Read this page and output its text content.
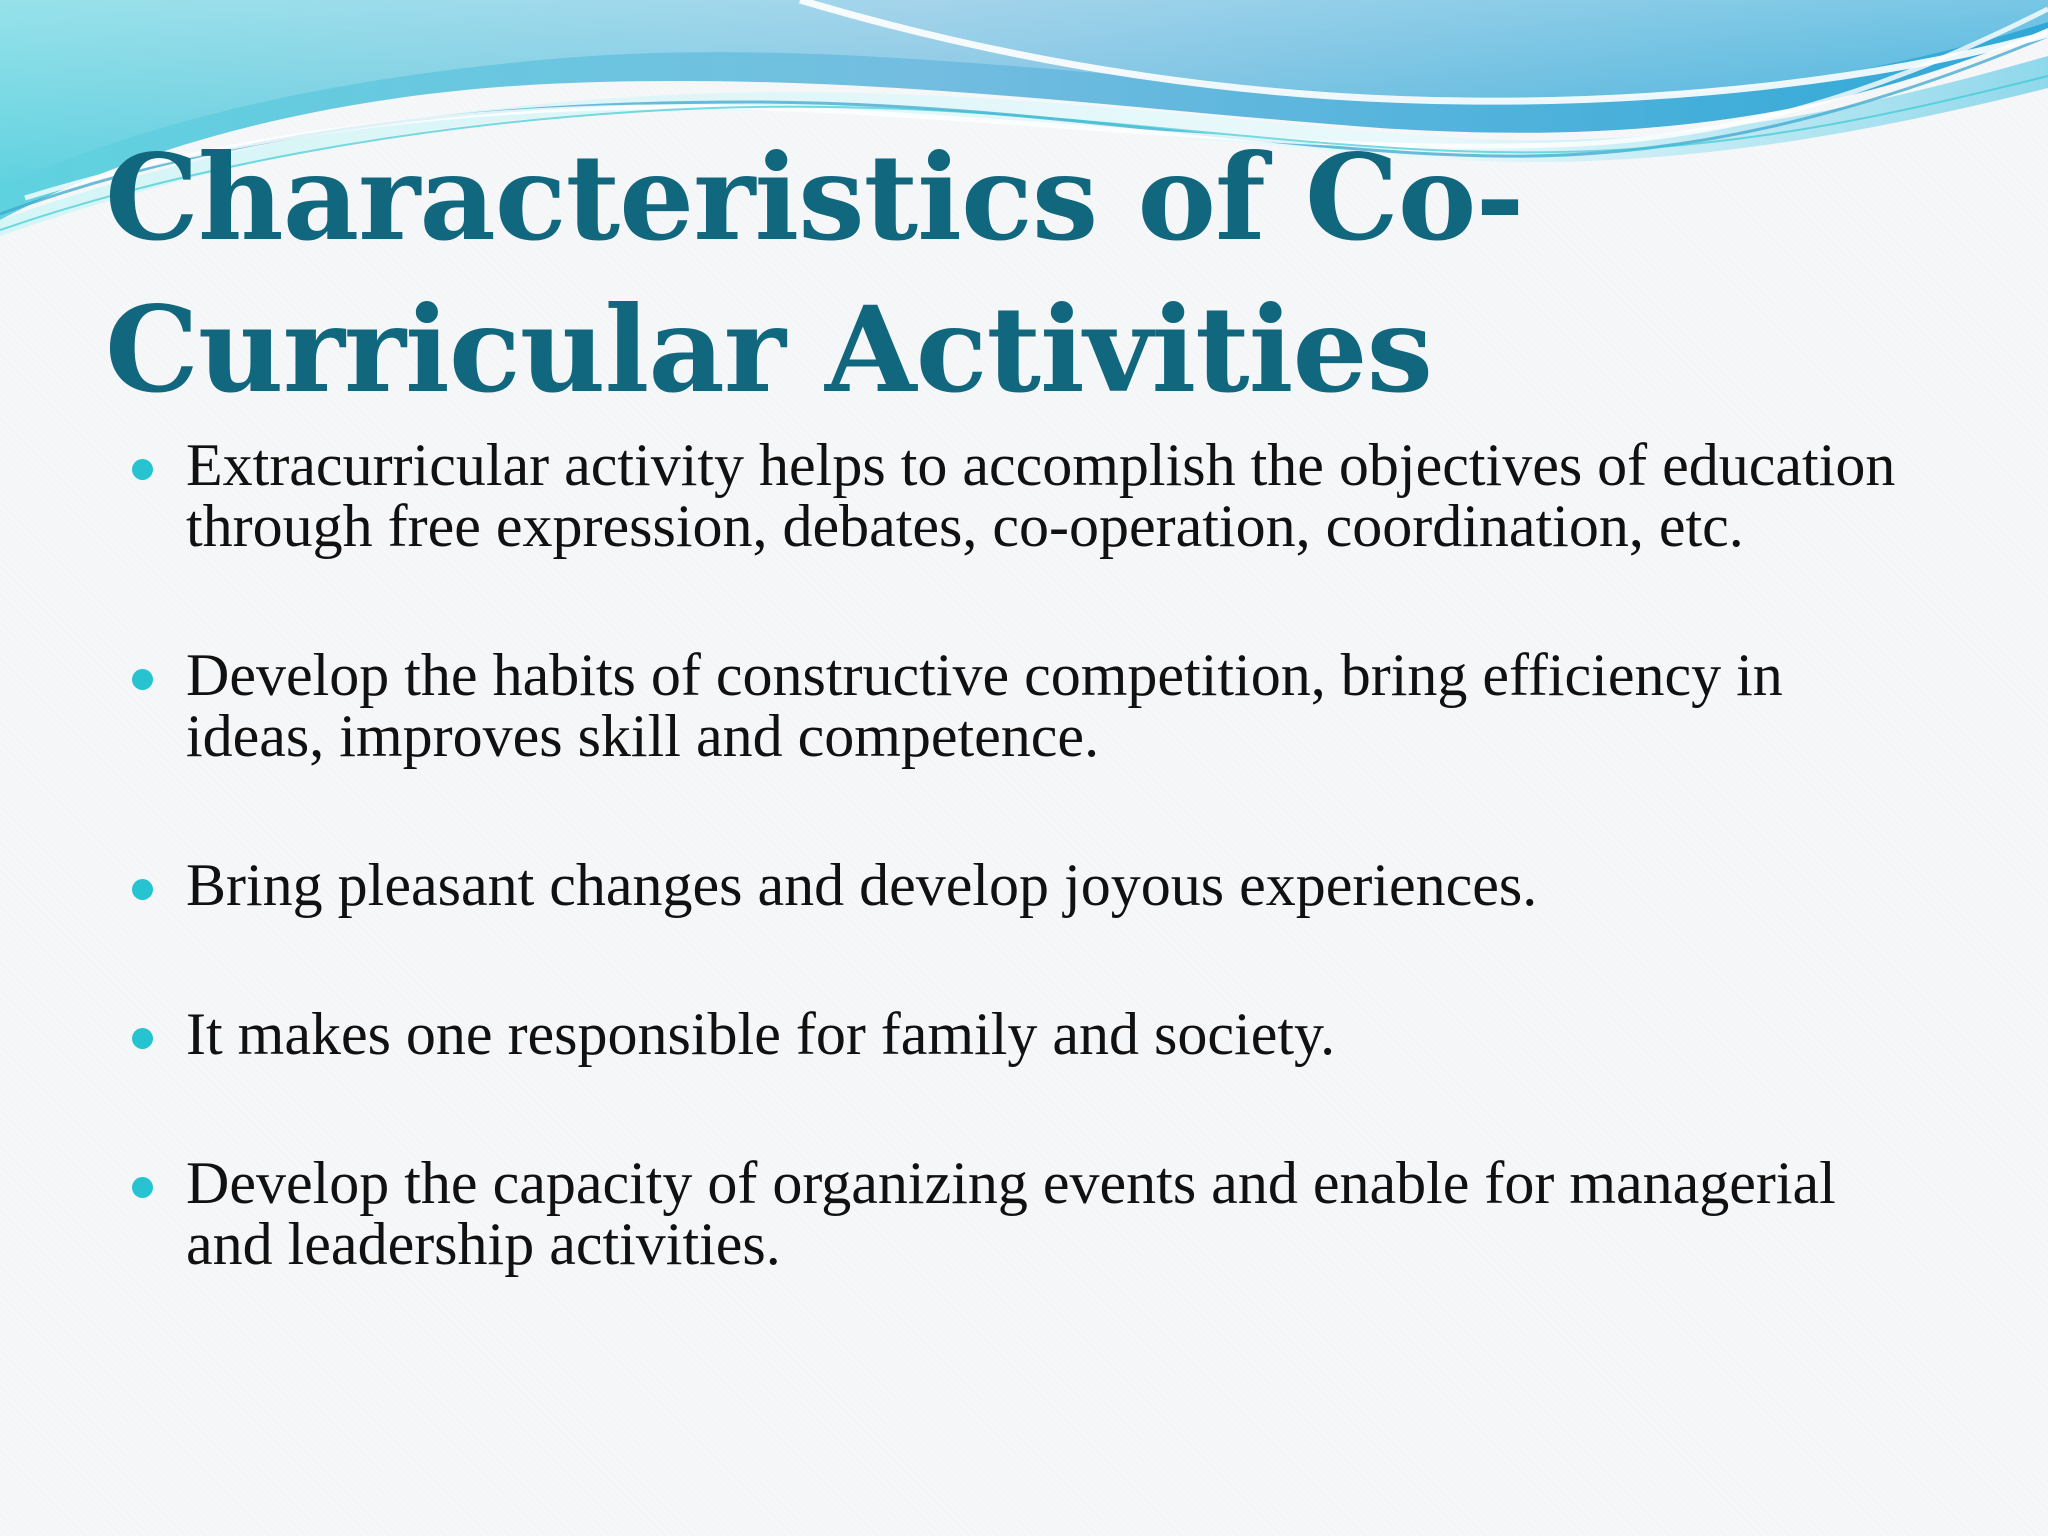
Characteristics of Co-Curricular Activities
Extracurricular activity helps to accomplish the objectives of education through free expression, debates, co-operation, coordination, etc.
Develop the habits of constructive competition, bring efficiency in ideas, improves skill and competence.
Bring pleasant changes and develop joyous experiences.
It makes one responsible for family and society.
Develop the capacity of organizing events and enable for managerial and leadership activities.
